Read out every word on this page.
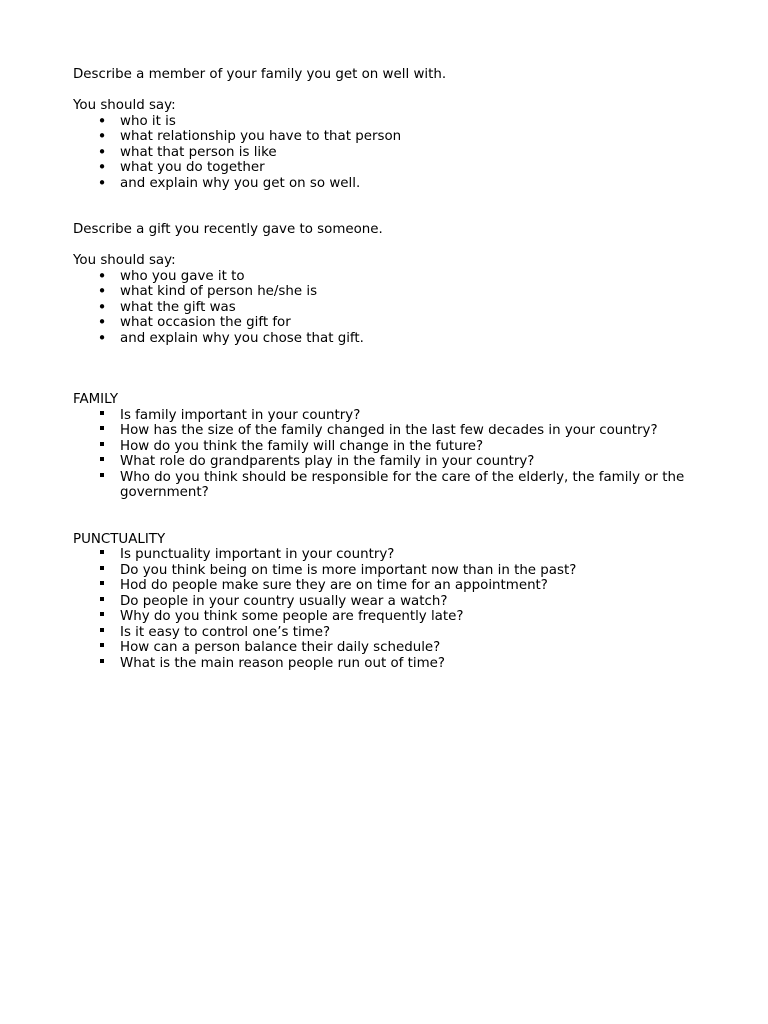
Describe a member of your family you get on well with.

You should say:

•
who it is
•
what relationship you have to that person
•
what that person is like
•
what you do together
•
and explain why you get on so well.

Describe a gift you recently gave to someone.

You should say:

•
who you gave it to
•
what kind of person he/she is
•
what the gift was
•
what occasion the gift for
•
and explain why you chose that gift.

FAMILY

Is family important in your country?
How has the size of the family changed in the last few decades in your country?
How do you think the family will change in the future?
What role do grandparents play in the family in your country?
Who do you think should be responsible for the care of the elderly, the family or the government?

PUNCTUALITY

Is punctuality important in your country?
Do you think being on time is more important now than in the past?
Hod do people make sure they are on time for an appointment?
Do people in your country usually wear a watch?
Why do you think some people are frequently late?
Is it easy to control one’s time?
How can a person balance their daily schedule?
What is the main reason people run out of time?
